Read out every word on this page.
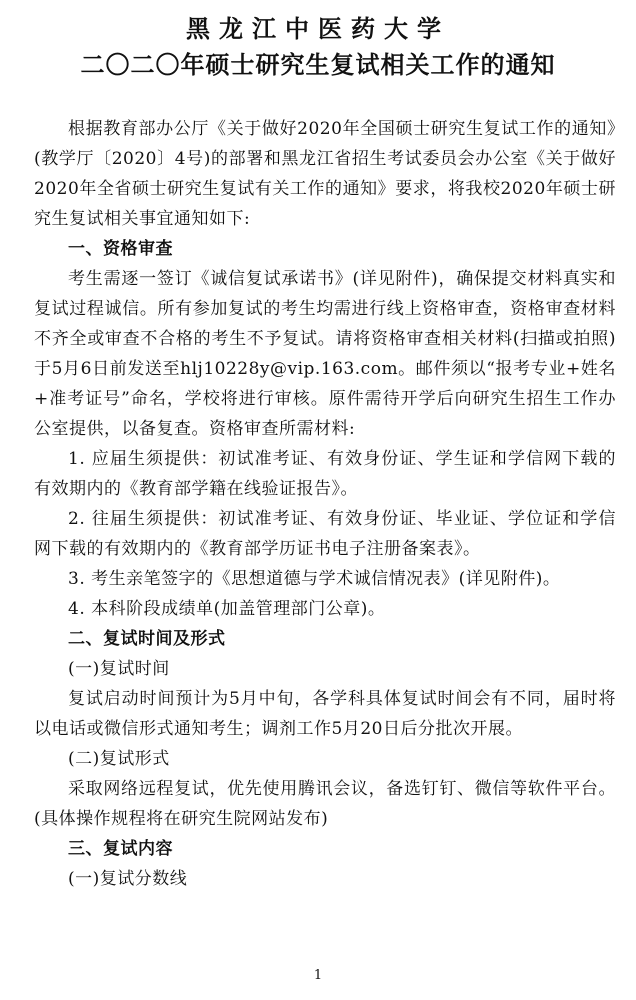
黑龙江中医药大学
二〇二〇年硕士研究生复试相关工作的通知

根据教育部办公厅《关于做好2020年全国硕士研究生复试工作的通知》(教学厅〔2020〕4号)的部署和黑龙江省招生考试委员会办公室《关于做好2020年全省硕士研究生复试有关工作的通知》要求，将我校2020年硕士研究生复试相关事宜通知如下:

一、资格审查

考生需逐一签订《诚信复试承诺书》(详见附件)，确保提交材料真实和复试过程诚信。所有参加复试的考生均需进行线上资格审查，资格审查材料不齐全或审查不合格的考生不予复试。请将资格审查相关材料(扫描或拍照)于5月6日前发送至hlj10228y@vip.163.com。邮件须以“报考专业+姓名+准考证号”命名，学校将进行审核。原件需待开学后向研究生招生工作办公室提供，以备复查。资格审查所需材料:

1. 应届生须提供：初试准考证、有效身份证、学生证和学信网下载的有效期内的《教育部学籍在线验证报告》。

2. 往届生须提供：初试准考证、有效身份证、毕业证、学位证和学信网下载的有效期内的《教育部学历证书电子注册备案表》。

3. 考生亲笔签字的《思想道德与学术诚信情况表》(详见附件)。

4. 本科阶段成绩单(加盖管理部门公章)。

二、复试时间及形式

(一)复试时间

复试启动时间预计为5月中旬，各学科具体复试时间会有不同，届时将以电话或微信形式通知考生；调剂工作5月20日后分批次开展。

(二)复试形式

采取网络远程复试，优先使用腾讯会议，备选钉钉、微信等软件平台。(具体操作规程将在研究生院网站发布)

三、复试内容

(一)复试分数线

1
